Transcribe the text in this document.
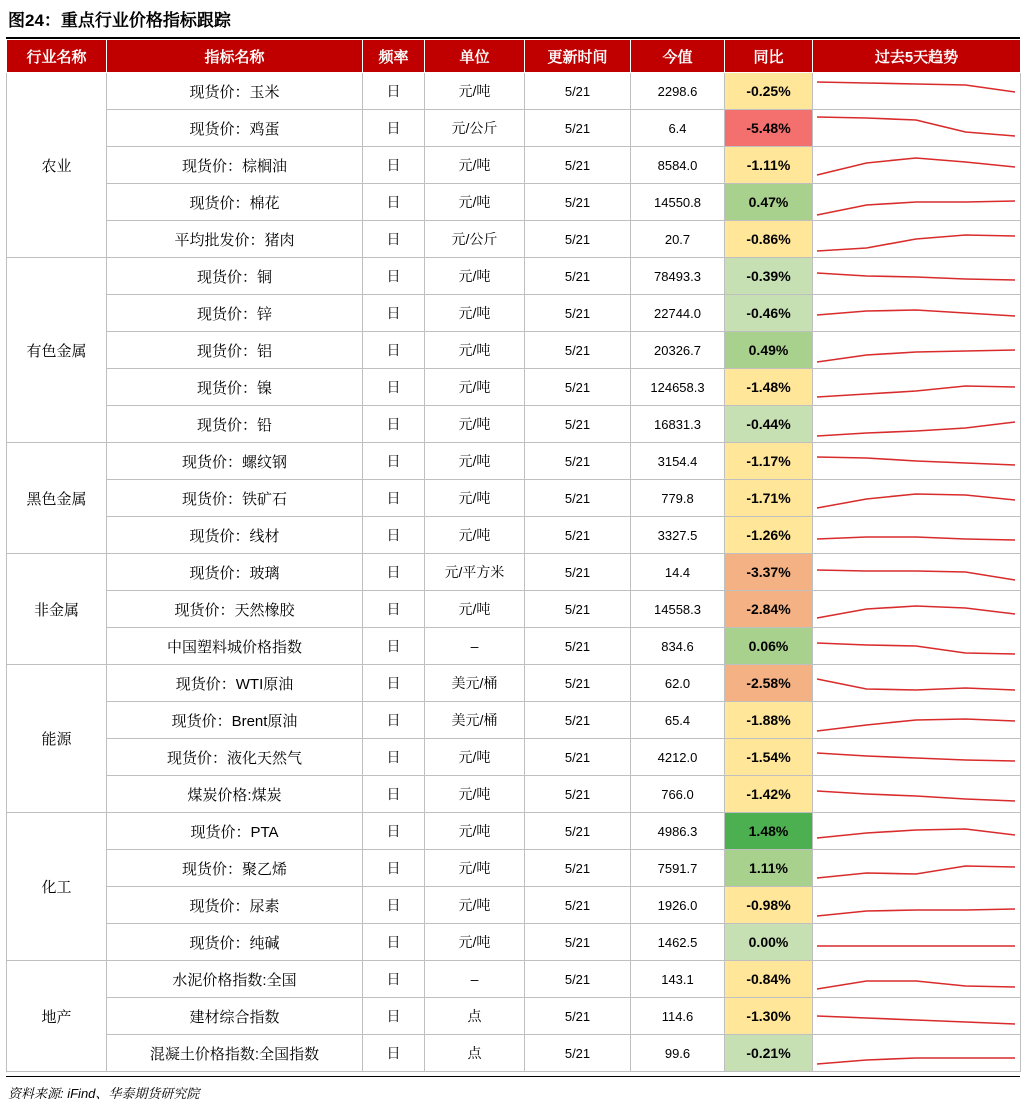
图24：重点行业价格指标跟踪
行业名称	指标名称	频率	单位	更新时间	今值	同比	过去5天趋势
农业	现货价：玉米	日	元/吨	5/21	2298.6	-0.25%	

	现货价：鸡蛋	日	元/公斤	5/21	6.4	-5.48%	

	现货价：棕榈油	日	元/吨	5/21	8584.0	-1.11%	

	现货价：棉花	日	元/吨	5/21	14550.8	0.47%	

	平均批发价：猪肉	日	元/公斤	5/21	20.7	-0.86%	

有色金属	现货价：铜	日	元/吨	5/21	78493.3	-0.39%	

	现货价：锌	日	元/吨	5/21	22744.0	-0.46%	

	现货价：铝	日	元/吨	5/21	20326.7	0.49%	

	现货价：镍	日	元/吨	5/21	124658.3	-1.48%	

	现货价：铅	日	元/吨	5/21	16831.3	-0.44%	

黑色金属	现货价：螺纹钢	日	元/吨	5/21	3154.4	-1.17%	

	现货价：铁矿石	日	元/吨	5/21	779.8	-1.71%	

	现货价：线材	日	元/吨	5/21	3327.5	-1.26%	

非金属	现货价：玻璃	日	元/平方米	5/21	14.4	-3.37%	

	现货价：天然橡胶	日	元/吨	5/21	14558.3	-2.84%	

	中国塑料城价格指数	日	–	5/21	834.6	0.06%	

能源	现货价：WTI原油	日	美元/桶	5/21	62.0	-2.58%	

	现货价：Brent原油	日	美元/桶	5/21	65.4	-1.88%	

	现货价：液化天然气	日	元/吨	5/21	4212.0	-1.54%	

	煤炭价格:煤炭	日	元/吨	5/21	766.0	-1.42%	

化工	现货价：PTA	日	元/吨	5/21	4986.3	1.48%	

	现货价：聚乙烯	日	元/吨	5/21	7591.7	1.11%	

	现货价：尿素	日	元/吨	5/21	1926.0	-0.98%	

	现货价：纯碱	日	元/吨	5/21	1462.5	0.00%	

地产	水泥价格指数:全国	日	–	5/21	143.1	-0.84%	

	建材综合指数	日	点	5/21	114.6	-1.30%	

	混凝土价格指数:全国指数	日	点	5/21	99.6	-0.21%	
资料来源: iFind、华泰期货研究院
